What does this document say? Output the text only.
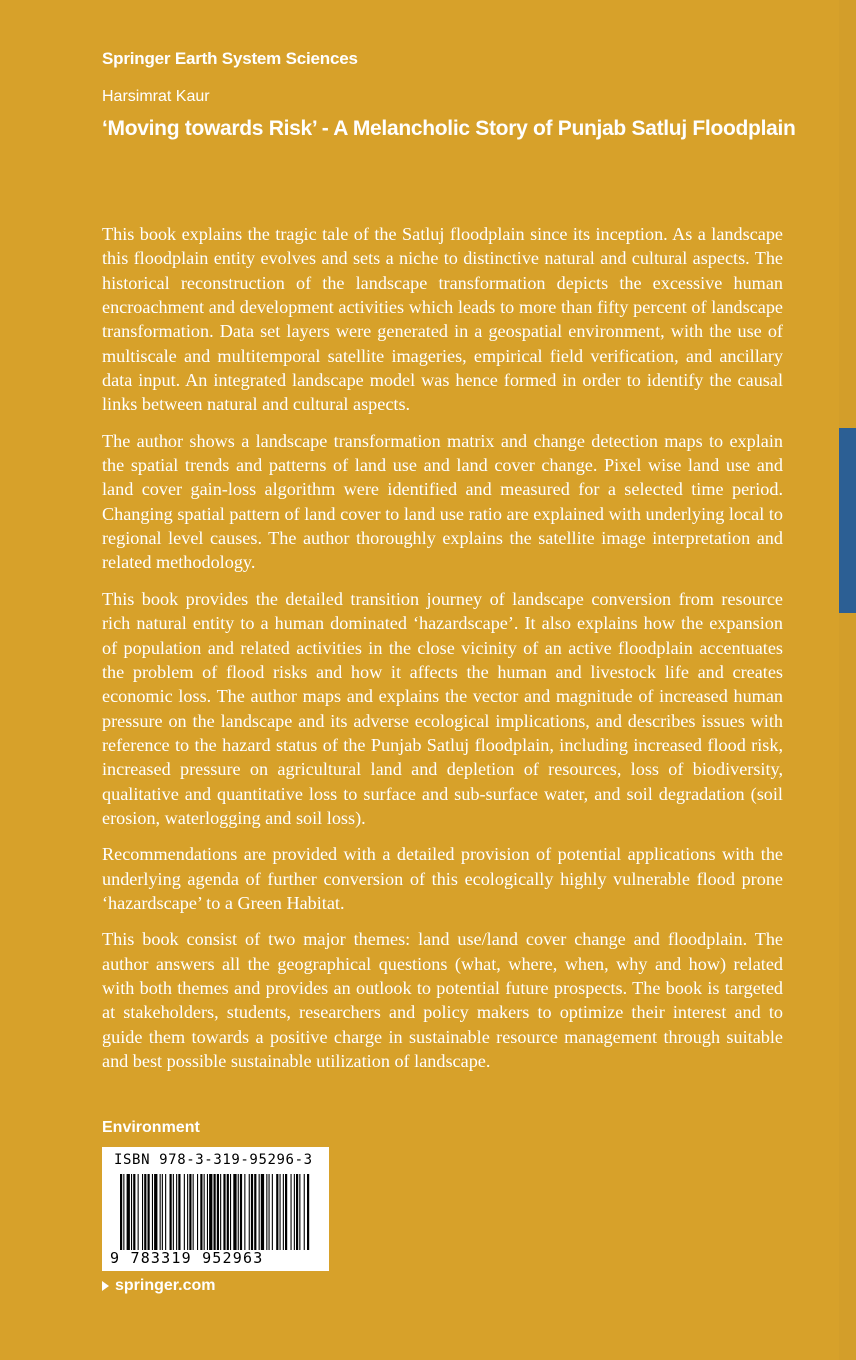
Springer Earth System Sciences
Harsimrat Kaur
‘Moving towards Risk’ - A Melancholic Story of Punjab Satluj Floodplain

This book explains the tragic tale of the Satluj floodplain since its inception. As a landscape this floodplain entity evolves and sets a niche to distinctive natural and cultural aspects. The historical reconstruction of the landscape transformation depicts the excessive human encroachment and development activities which leads to more than fifty percent of landscape transformation. Data set layers were generated in a geospatial environment, with the use of multiscale and multitemporal satellite imageries, empirical field verification, and ancillary data input. An integrated landscape model was hence formed in order to identify the causal links between natural and cultural aspects.

The author shows a landscape transformation matrix and change detection maps to explain the spatial trends and patterns of land use and land cover change. Pixel wise land use and land cover gain-loss algorithm were identified and measured for a selected time period. Changing spatial pattern of land cover to land use ratio are explained with underlying local to regional level causes. The author thoroughly explains the satellite image interpretation and related methodology.

This book provides the detailed transition journey of landscape conversion from resource rich natural entity to a human dominated ‘hazardscape’. It also explains how the expansion of population and related activities in the close vicinity of an active floodplain accentuates the problem of flood risks and how it affects the human and livestock life and creates economic loss. The author maps and explains the vector and magnitude of increased human pressure on the landscape and its adverse ecological implications, and describes issues with reference to the hazard status of the Punjab Satluj floodplain, including increased flood risk, increased pressure on agricultural land and depletion of resources, loss of biodiversity, qualitative and quantitative loss to surface and sub-surface water, and soil degradation (soil erosion, waterlogging and soil loss).

Recommendations are provided with a detailed provision of potential applications with the underlying agenda of further conversion of this ecologically highly vulnerable flood prone ‘hazardscape’ to a Green Habitat.

This book consist of two major themes: land use/land cover change and floodplain. The author answers all the geographical questions (what, where, when, why and how) related with both themes and provides an outlook to potential future prospects. The book is targeted at stakeholders, students, researchers and policy makers to optimize their interest and to guide them towards a positive charge in sustainable resource management through suitable and best possible sustainable utilization of landscape.

Environment
ISBN 978-3-319-95296-3
9 783319 952963
springer.com
